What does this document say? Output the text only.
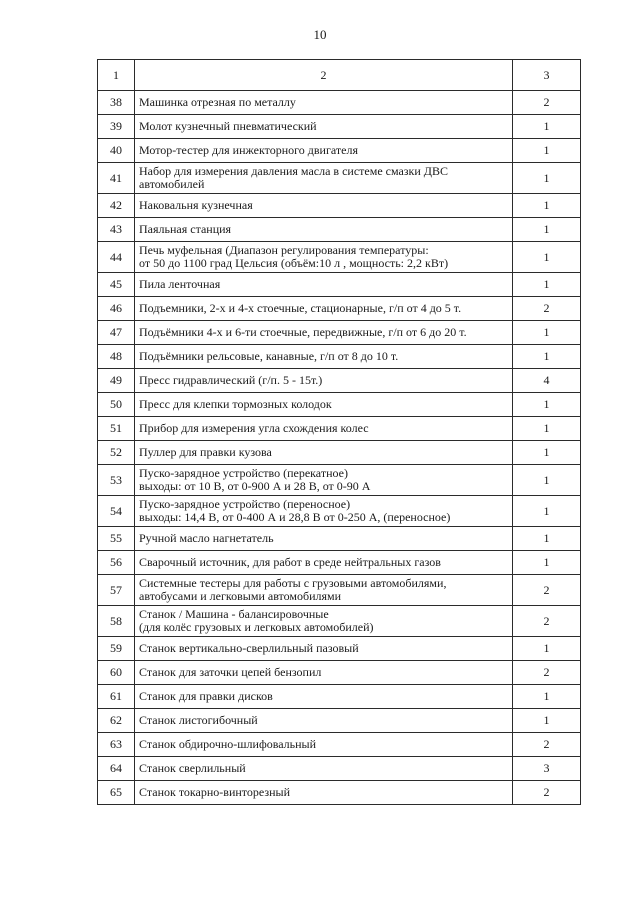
10
1	2	3
38	Машинка отрезная по металлу	2
39	Молот кузнечный пневматический	1
40	Мотор-тестер для инжекторного двигателя	1
41	Набор для измерения давления масла в системе смазки ДВС
автомобилей	1
42	Наковальня кузнечная	1
43	Паяльная станция	1
44	Печь муфельная (Диапазон регулирования температуры:
от 50 до 1100 град Цельсия (объём:10 л , мощность: 2,2 кВт)	1
45	Пила ленточная	1
46	Подъемники, 2-х и 4-х стоечные, стационарные, г/п от 4 до 5 т.	2
47	Подъёмники 4-х и 6-ти стоечные, передвижные, г/п от 6 до 20 т.	1
48	Подъёмники рельсовые, канавные, г/п от 8 до 10 т.	1
49	Пресс гидравлический (г/п. 5 - 15т.)	4
50	Пресс для клепки тормозных колодок	1
51	Прибор для измерения угла схождения колес	1
52	Пуллер для правки кузова	1
53	Пуско-зарядное устройство (перекатное)
выходы: от 10 В, от 0-900 А и 28 В, от 0-90 А	1
54	Пуско-зарядное устройство (переносное)
выходы: 14,4 В, от 0-400 А и 28,8 В от 0-250 А, (переносное)	1
55	Ручной масло нагнетатель	1
56	Сварочный источник, для работ в среде нейтральных газов	1
57	Системные тестеры для работы с грузовыми автомобилями,
автобусами и легковыми автомобилями	2
58	Станок / Машина - балансировочные
(для колёс грузовых и легковых автомобилей)	2
59	Станок вертикально-сверлильный пазовый	1
60	Станок для заточки цепей бензопил	2
61	Станок для правки дисков	1
62	Станок листогибочный	1
63	Станок обдирочно-шлифовальный	2
64	Станок сверлильный	3
65	Станок токарно-винторезный	2
